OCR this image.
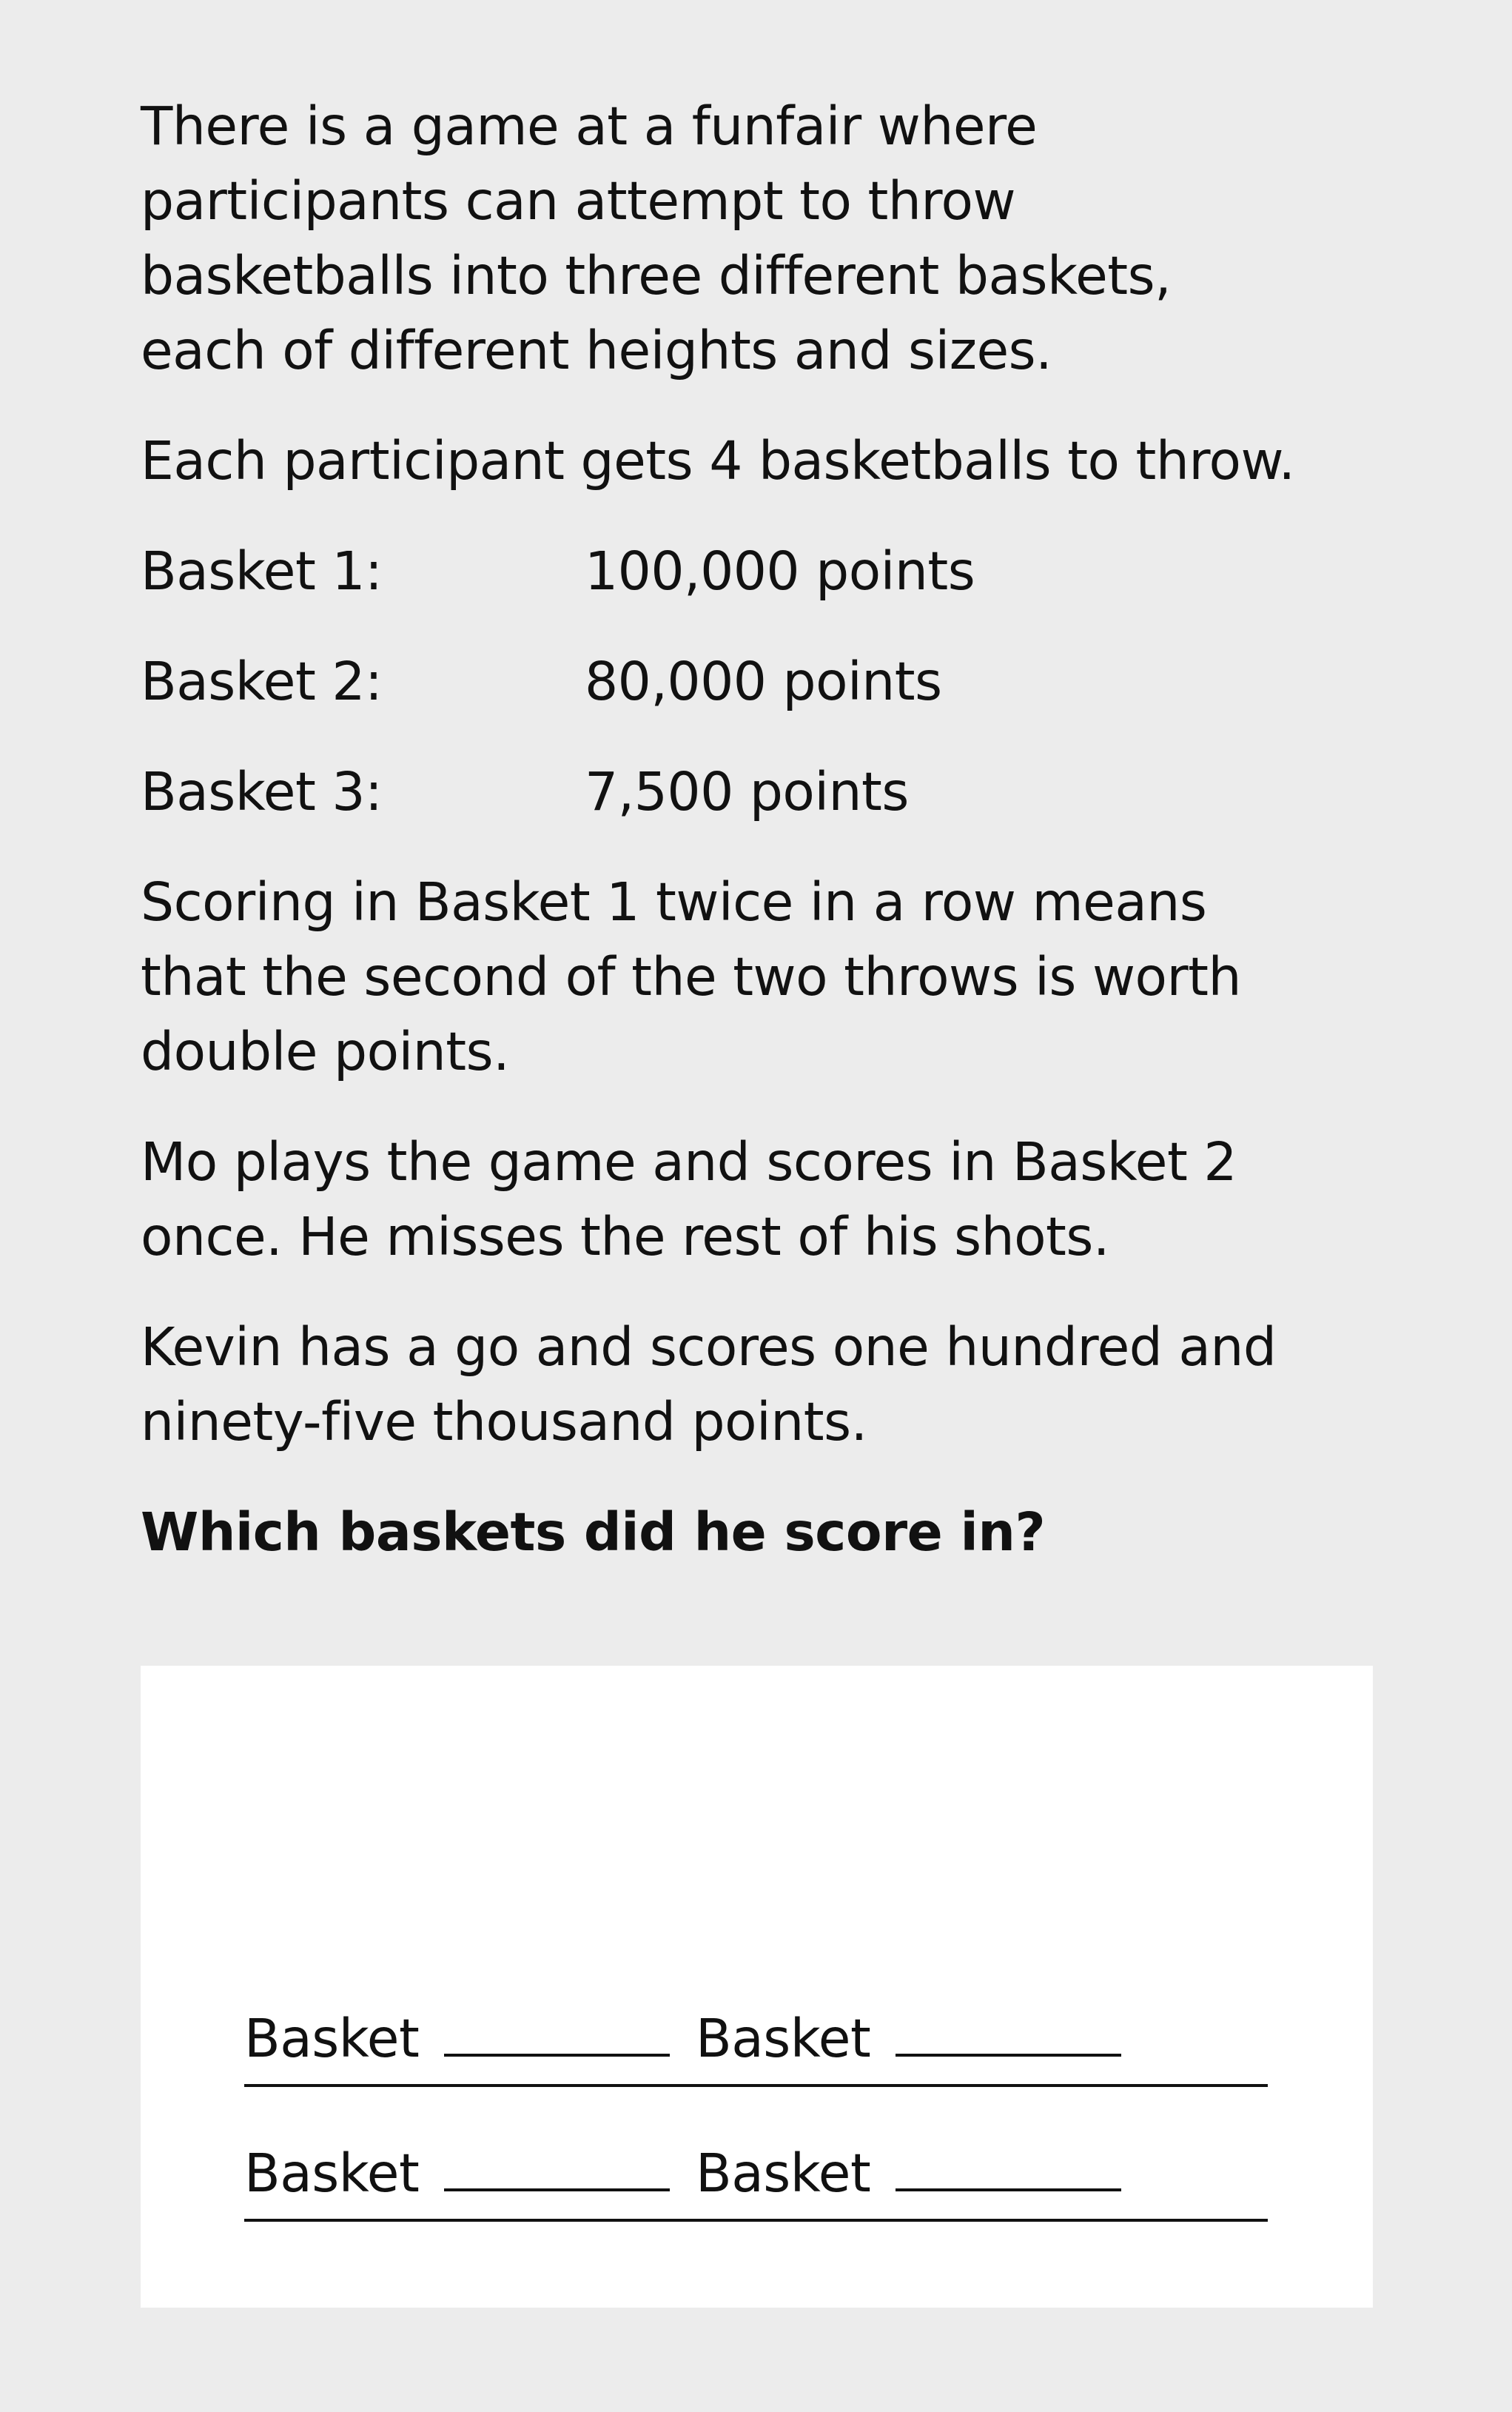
There is a game at a funfair where
participants can attempt to throw
basketballs into three different baskets,
each of different heights and sizes.

Each participant gets 4 basketballs to throw.

Basket 1:	100,000 points
Basket 2:	80,000 points
Basket 3:	7,500 points

Scoring in Basket 1 twice in a row means
that the second of the two throws is worth
double points.

Mo plays the game and scores in Basket 2
once. He misses the rest of his shots.

Kevin has a go and scores one hundred and
ninety-five thousand points.

Which baskets did he score in?

Basket	Basket
Basket	Basket
